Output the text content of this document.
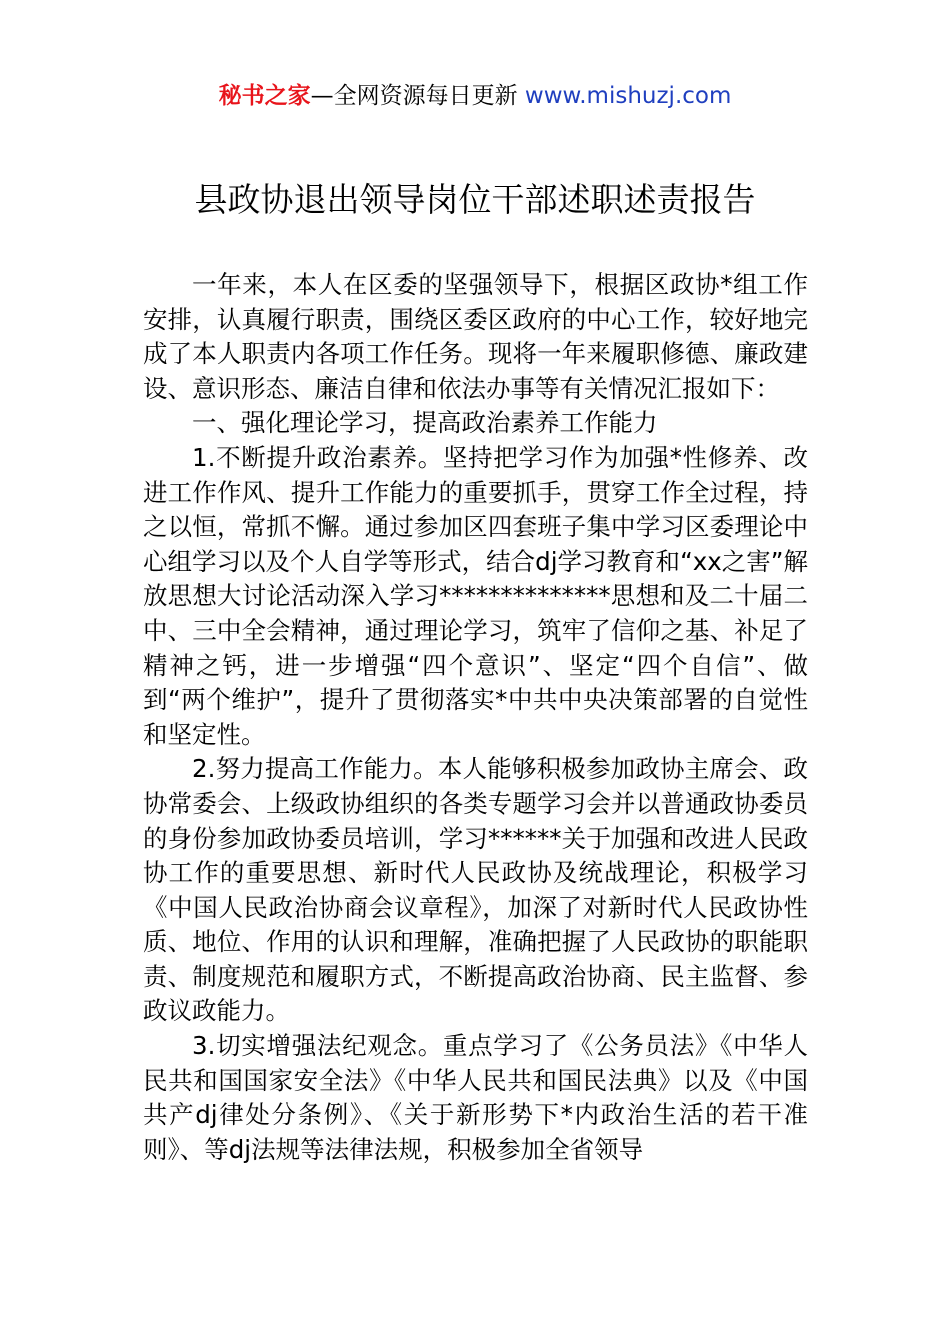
秘书之家—全网资源每日更新 www.mishuzj.com
县政协退出领导岗位干部述职述责报告

一年来，本人在区委的坚强领导下，根据区政协*组工作安排，认真履行职责，围绕区委区政府的中心工作，较好地完成了本人职责内各项工作任务。现将一年来履职修德、廉政建设、意识形态、廉洁自律和依法办事等有关情况汇报如下：

一、强化理论学习，提高政治素养工作能力

1.不断提升政治素养。坚持把学习作为加强*性修养、改进工作作风、提升工作能力的重要抓手，贯穿工作全过程，持之以恒，常抓不懈。通过参加区四套班子集中学习区委理论中心组学习以及个人自学等形式，结合dj学习教育和“xx之害”解放思想大讨论活动深入学习**************思想和及二十届二中、三中全会精神，通过理论学习，筑牢了信仰之基、补足了精神之钙，进一步增强“四个意识”、坚定“四个自信”、做到“两个维护”，提升了贯彻落实*中共中央决策部署的自觉性和坚定性。

2.努力提高工作能力。本人能够积极参加政协主席会、政协常委会、上级政协组织的各类专题学习会并以普通政协委员的身份参加政协委员培训，学习******关于加强和改进人民政协工作的重要思想、新时代人民政协及统战理论，积极学习《中国人民政治协商会议章程》，加深了对新时代人民政协性质、地位、作用的认识和理解，准确把握了人民政协的职能职责、制度规范和履职方式，不断提高政治协商、民主监督、参政议政能力。

3.切实增强法纪观念。重点学习了《公务员法》《中华人民共和国国家安全法》《中华人民共和国民法典》以及《中国共产dj律处分条例》、《关于新形势下*内政治生活的若干准则》、等dj法规等法律法规，积极参加全省领导
